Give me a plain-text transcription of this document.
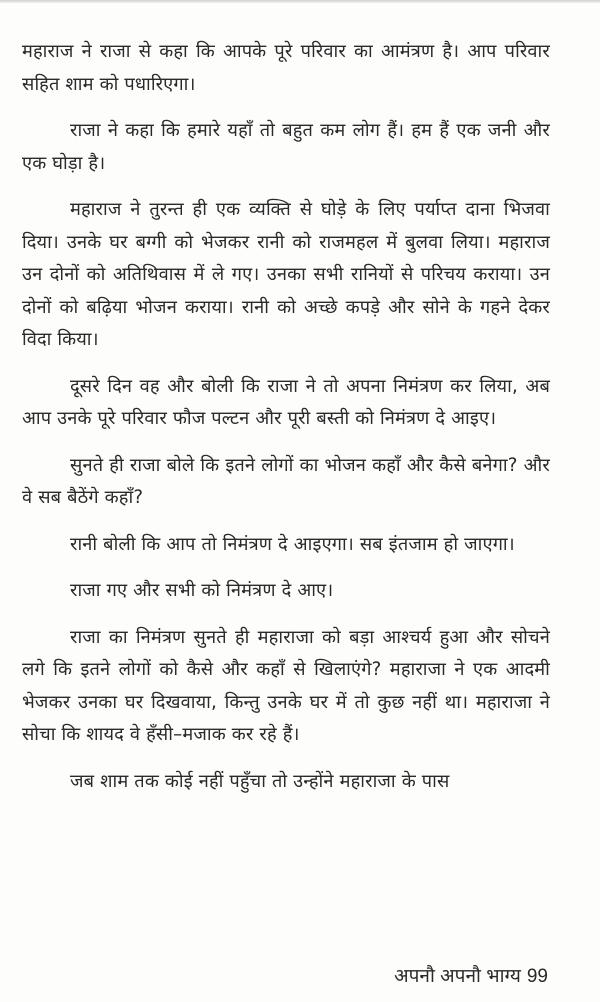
महाराज ने राजा से कहा कि आपके पूरे परिवार का आमंत्रण है। आप परिवार सहित शाम को पधारिएगा।

राजा ने कहा कि हमारे यहाँ तो बहुत कम लोग हैं। हम हैं एक जनी और एक घोड़ा है।

महाराज ने तुरन्त ही एक व्यक्ति से घोड़े के लिए पर्याप्त दाना भिजवा दिया। उनके घर बग्गी को भेजकर रानी को राजमहल में बुलवा लिया। महाराज उन दोनों को अतिथिवास में ले गए। उनका सभी रानियों से परिचय कराया। उन दोनों को बढ़िया भोजन कराया। रानी को अच्छे कपड़े और सोने के गहने देकर विदा किया।

दूसरे दिन वह और बोली कि राजा ने तो अपना निमंत्रण कर लिया, अब आप उनके पूरे परिवार फौज पल्टन और पूरी बस्ती को निमंत्रण दे आइए।

सुनते ही राजा बोले कि इतने लोगों का भोजन कहाँ और कैसे बनेगा? और वे सब बैठेंगे कहाँ?

रानी बोली कि आप तो निमंत्रण दे आइएगा। सब इंतजाम हो जाएगा।

राजा गए और सभी को निमंत्रण दे आए।

राजा का निमंत्रण सुनते ही महाराजा को बड़ा आश्चर्य हुआ और सोचने लगे कि इतने लोगों को कैसे और कहाँ से खिलाएंगे? महाराजा ने एक आदमी भेजकर उनका घर दिखवाया, किन्तु उनके घर में तो कुछ नहीं था। महाराजा ने सोचा कि शायद वे हँसी–मजाक कर रहे हैं।

जब शाम तक कोई नहीं पहुँचा तो उन्होंने महाराजा के पास

अपनौ अपनौ भाग्य 99
